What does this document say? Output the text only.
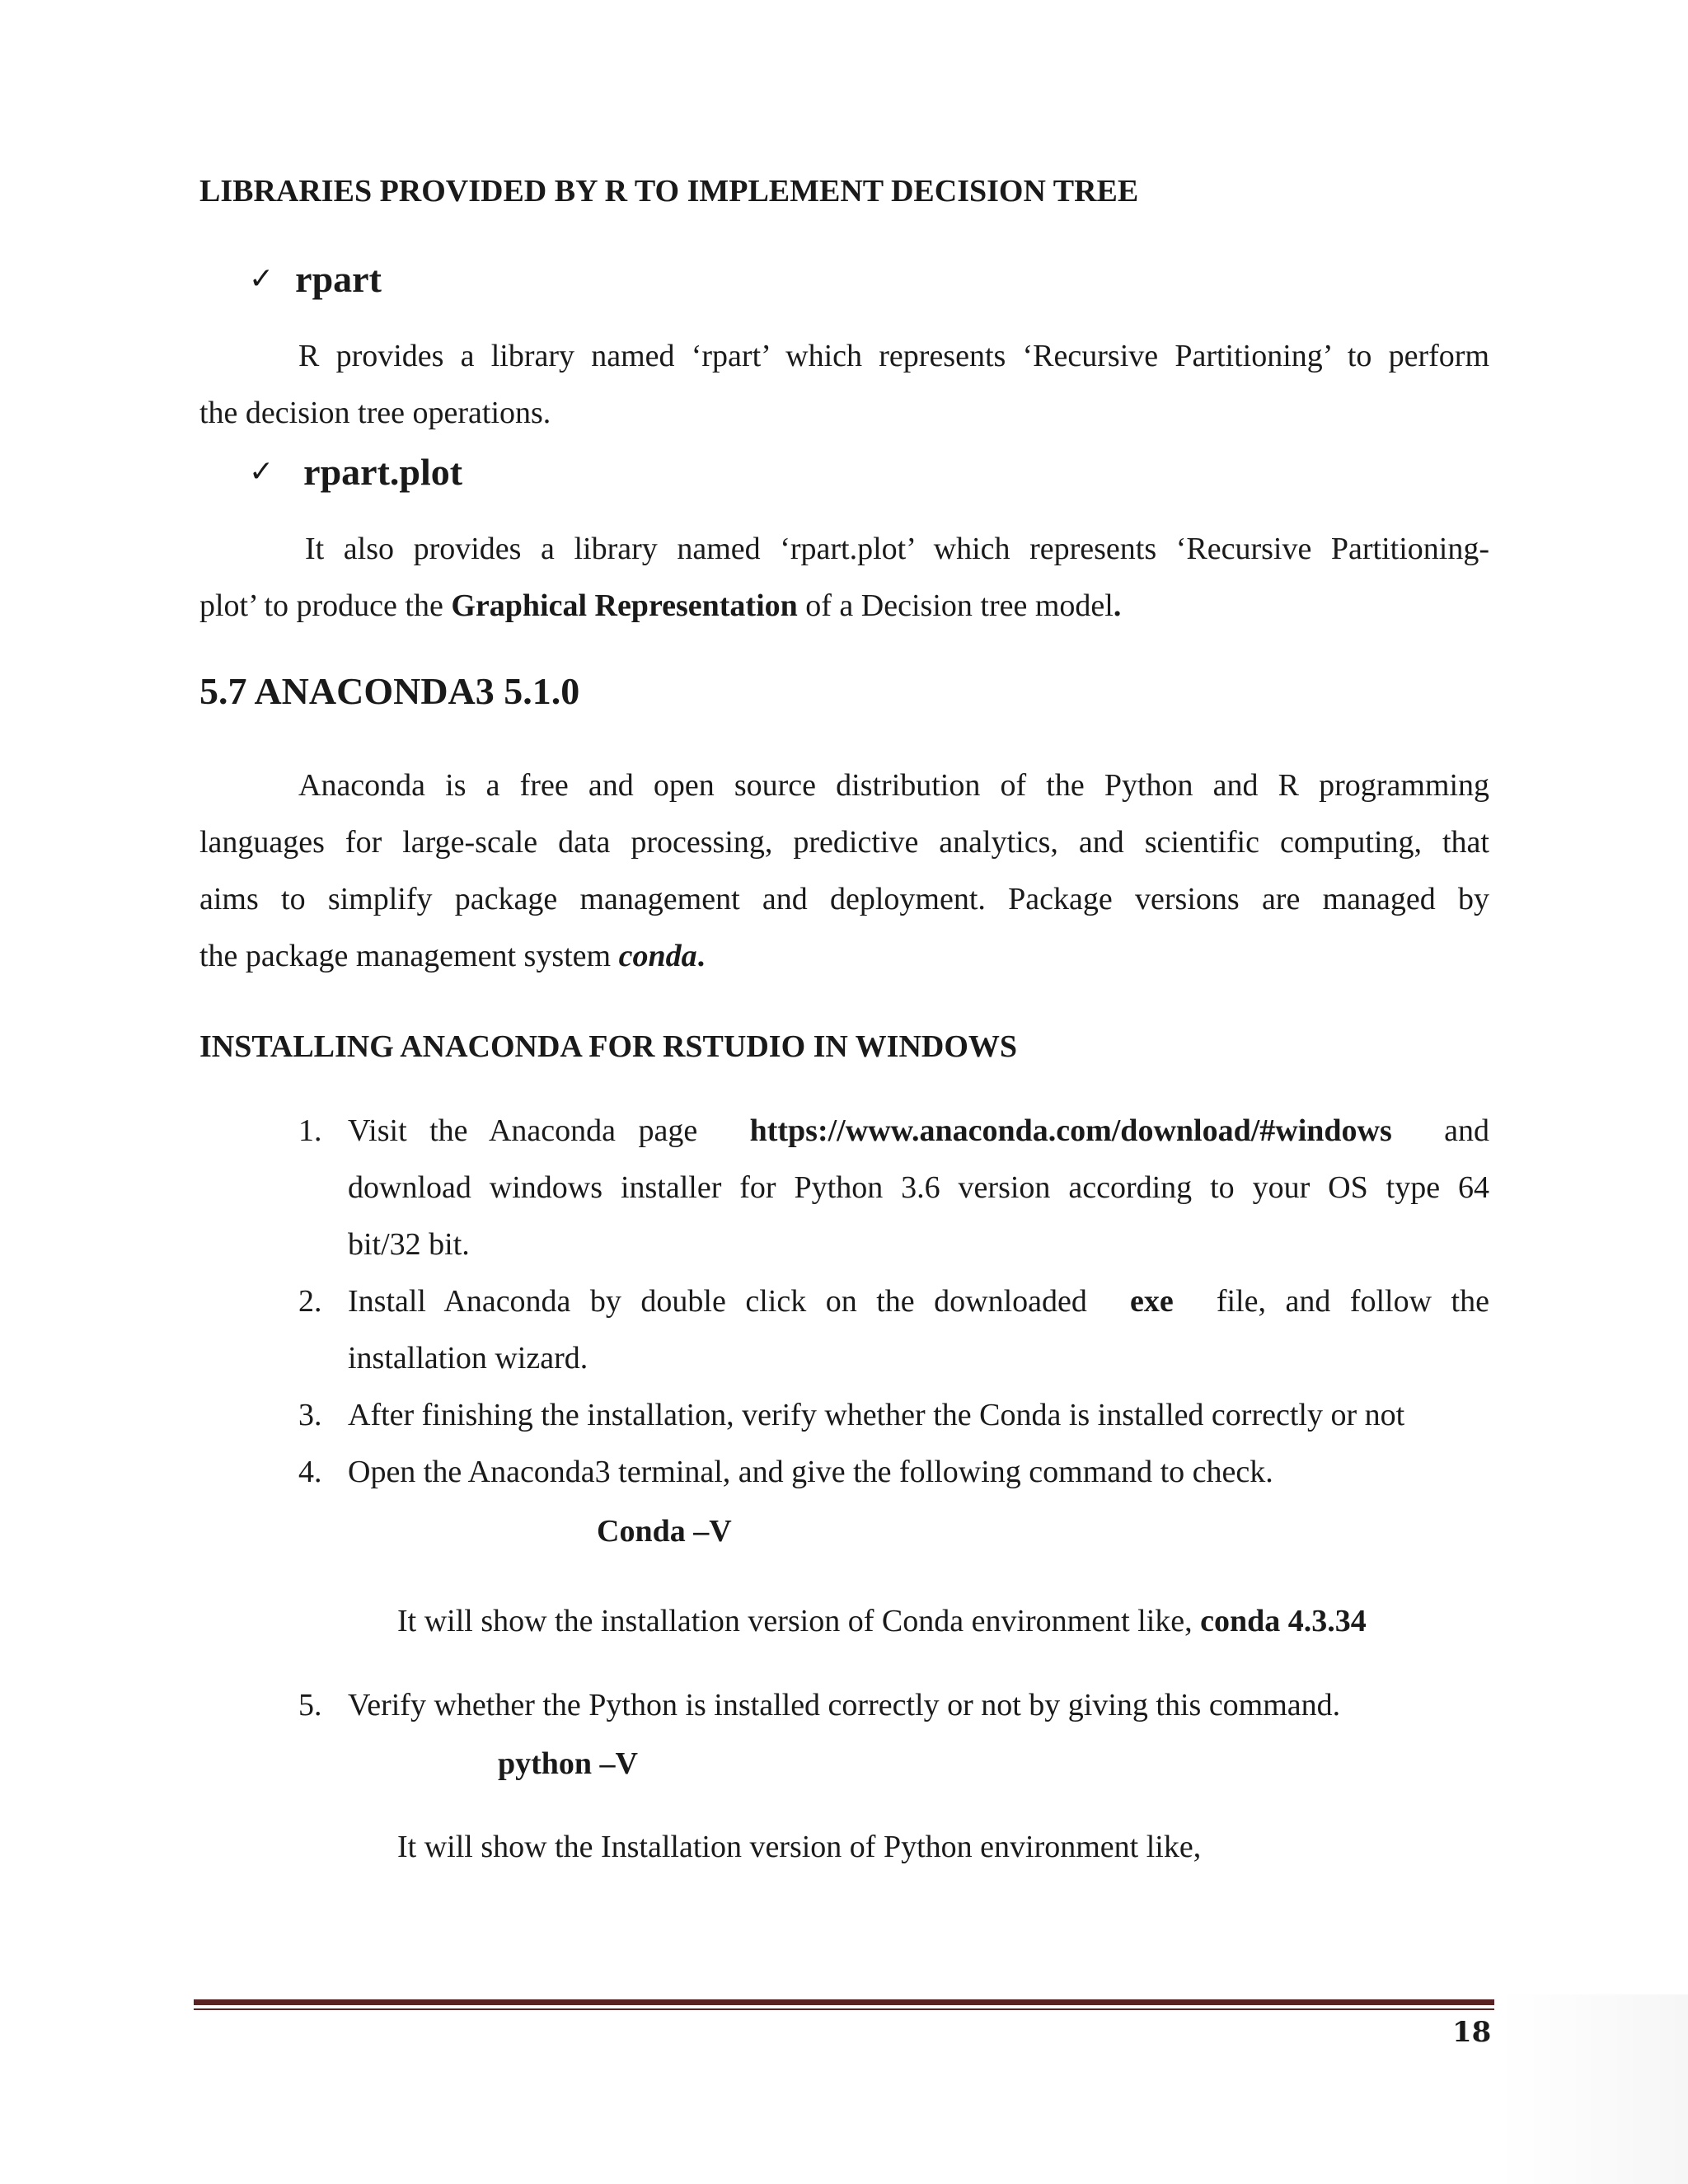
LIBRARIES PROVIDED BY R TO IMPLEMENT DECISION TREE
✓ rpart
R provides a library named ‘rpart’ which represents ‘Recursive Partitioning’ to perform
the decision tree operations.
✓ rpart.plot
It also provides a library named ‘rpart.plot’ which represents ‘Recursive Partitioning-
plot’ to produce the Graphical Representation of a Decision tree model.
5.7 ANACONDA3 5.1.0
Anaconda is a free and open source distribution of the Python and R programming
languages for large-scale data processing, predictive analytics, and scientific computing, that
aims to simplify package management and deployment. Package versions are managed by
the package management system conda.
INSTALLING ANACONDA FOR RSTUDIO IN WINDOWS
1. Visit the Anaconda page https://www.anaconda.com/download/#windows and
download windows installer for Python 3.6 version according to your OS type 64
bit/32 bit.
2. Install Anaconda by double click on the downloaded exe file, and follow the
installation wizard.
3. After finishing the installation, verify whether the Conda is installed correctly or not
4. Open the Anaconda3 terminal, and give the following command to check.
Conda –V
It will show the installation version of Conda environment like, conda 4.3.34
5. Verify whether the Python is installed correctly or not by giving this command.
python –V
It will show the Installation version of Python environment like,
18
